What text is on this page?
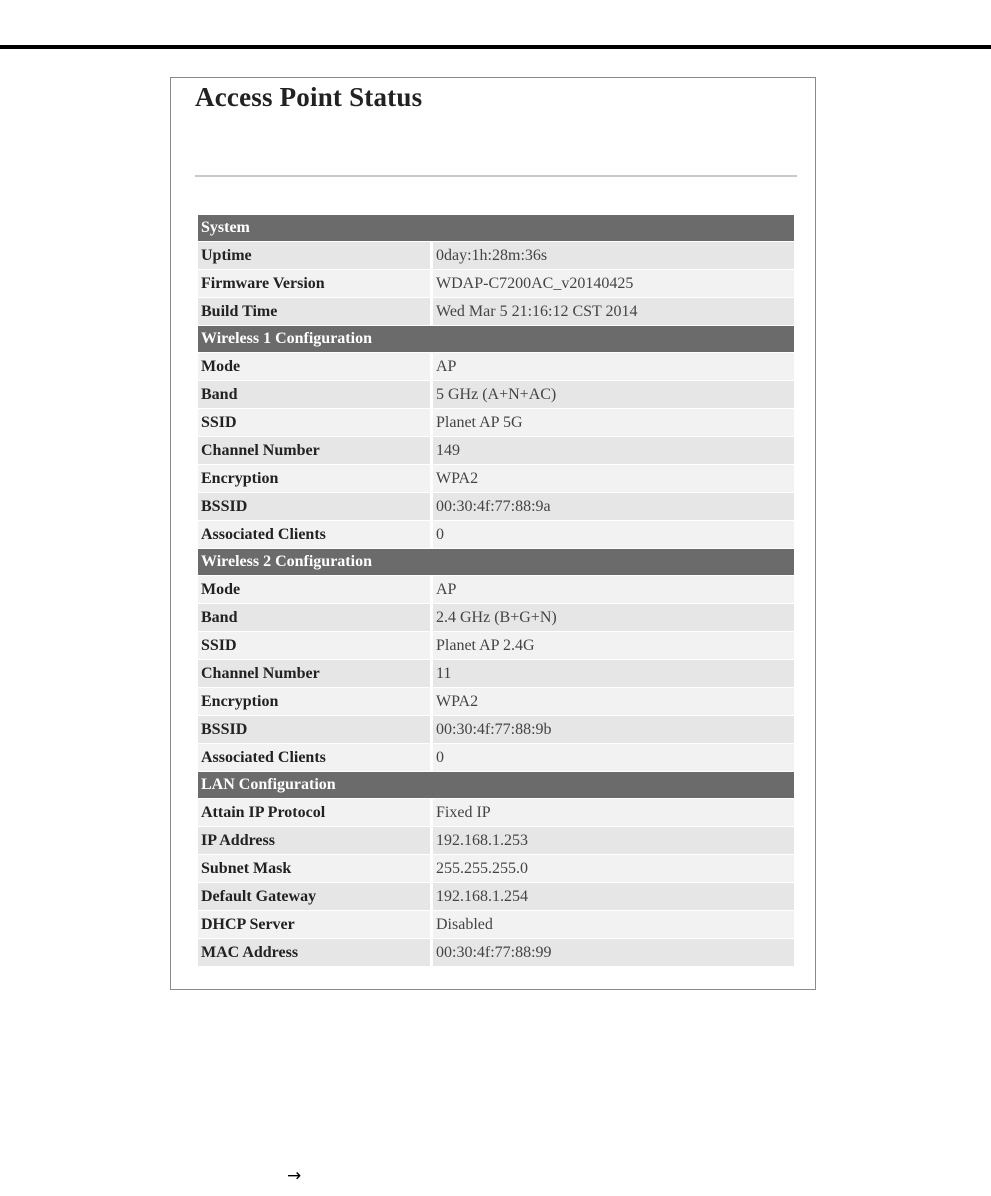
Access Point Status
System	
Uptime	0day:1h:28m:36s
Firmware Version	WDAP-C7200AC_v20140425
Build Time	Wed Mar 5 21:16:12 CST 2014
Wireless 1 Configuration	
Mode	AP
Band	5 GHz (A+N+AC)
SSID	Planet AP 5G
Channel Number	149
Encryption	WPA2
BSSID	00:30:4f:77:88:9a
Associated Clients	0
Wireless 2 Configuration	
Mode	AP
Band	2.4 GHz (B+G+N)
SSID	Planet AP 2.4G
Channel Number	11
Encryption	WPA2
BSSID	00:30:4f:77:88:9b
Associated Clients	0
LAN Configuration	
Attain IP Protocol	Fixed IP
IP Address	192.168.1.253
Subnet Mask	255.255.255.0
Default Gateway	192.168.1.254
DHCP Server	Disabled
MAC Address	00:30:4f:77:88:99
→
